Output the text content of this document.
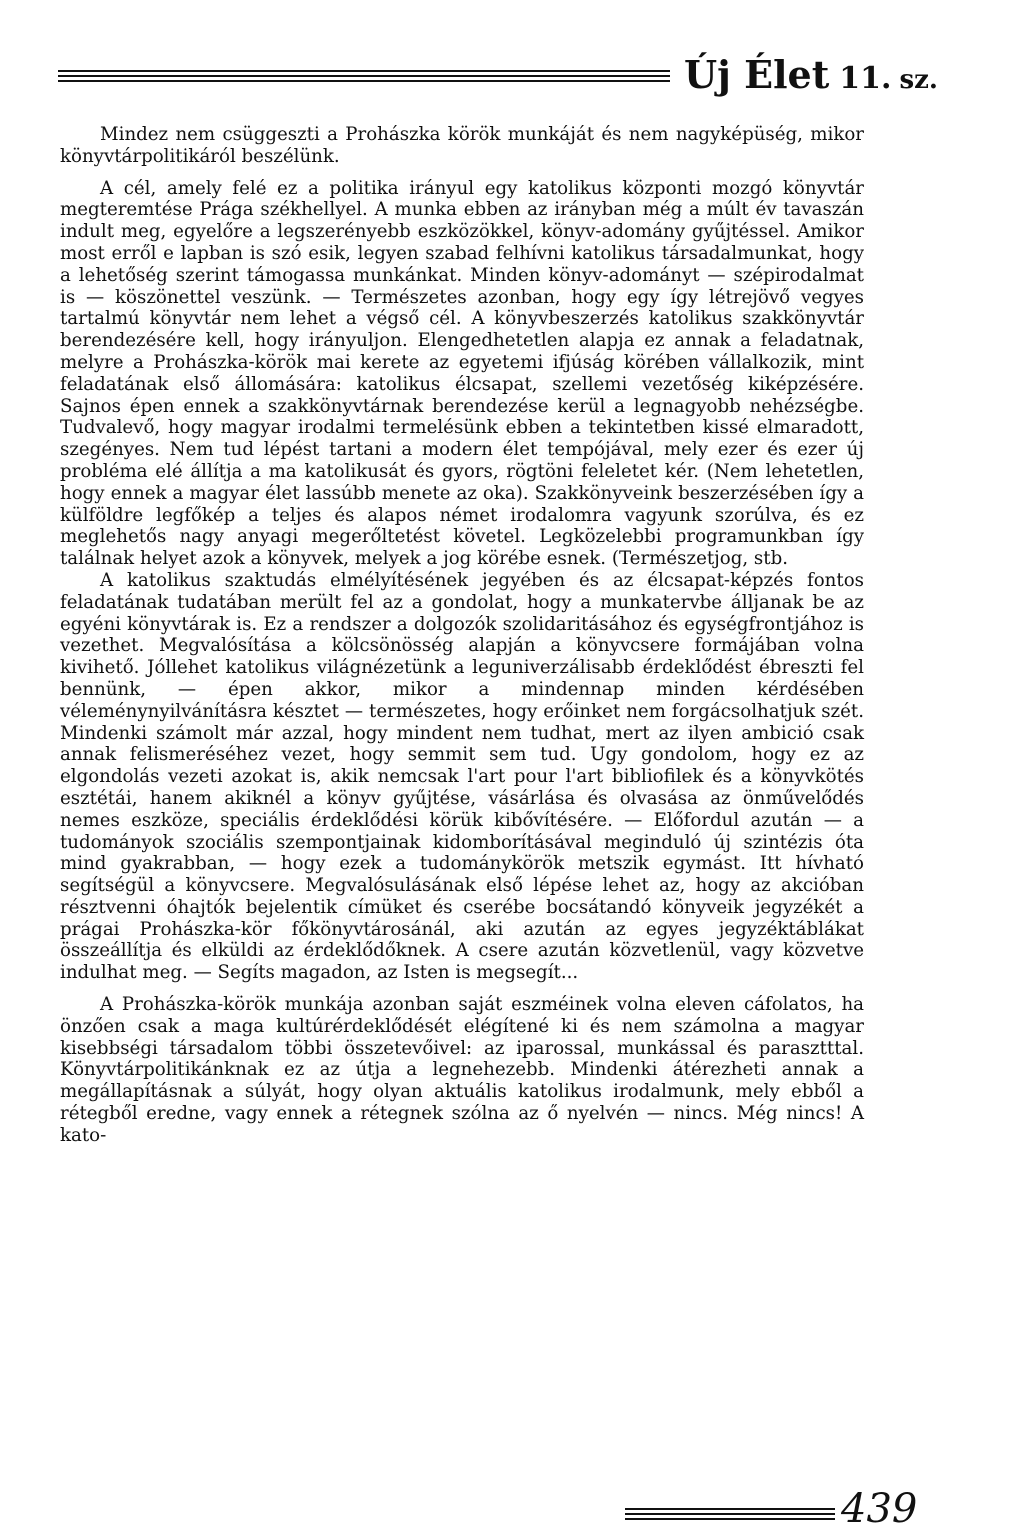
Új Élet 11. sz.

Mindez nem csüggeszti a Prohászka körök munkáját és nem nagyképüség, mikor könyvtárpolitikáról beszélünk.

A cél, amely felé ez a politika irányul egy katolikus központi mozgó könyvtár megteremtése Prága székhellyel. A munka ebben az irányban még a múlt év tavaszán indult meg, egyelőre a legszerényebb eszközökkel, könyv-adomány gyűjtéssel. Amikor most erről e lapban is szó esik, legyen szabad felhívni katolikus társadalmunkat, hogy a lehetőség szerint támogassa munkánkat. Minden könyv-adományt — szépirodalmat is — köszönettel veszünk. — Természetes azonban, hogy egy így létrejövő vegyes tartalmú könyvtár nem lehet a végső cél. A könyvbeszerzés katolikus szakkönyvtár berendezésére kell, hogy irányuljon. Elengedhetetlen alapja ez annak a feladatnak, melyre a Prohászka-körök mai kerete az egyetemi ifjúság körében vállalkozik, mint feladatának első állomására: katolikus élcsapat, szellemi vezetőség kiképzésére. Sajnos épen ennek a szakkönyvtárnak berendezése kerül a legnagyobb nehézségbe. Tudvalevő, hogy magyar irodalmi termelésünk ebben a tekintetben kissé elmaradott, szegényes. Nem tud lépést tartani a modern élet tempójával, mely ezer és ezer új probléma elé állítja a ma katolikusát és gyors, rögtöni feleletet kér. (Nem lehetetlen, hogy ennek a magyar élet lassúbb menete az oka). Szakkönyveink beszerzésében így a külföldre legfőkép a teljes és alapos német irodalomra vagyunk szorúlva, és ez meglehetős nagy anyagi megerőltetést követel. Legközelebbi programunkban így találnak helyet azok a könyvek, melyek a jog körébe esnek. (Természetjog, stb.

A katolikus szaktudás elmélyítésének jegyében és az élcsapat-képzés fontos feladatának tudatában merült fel az a gondolat, hogy a munkatervbe álljanak be az egyéni könyvtárak is. Ez a rendszer a dolgozók szolidaritásához és egységfrontjához is vezethet. Megvalósítása a kölcsönösség alapján a könyvcsere formájában volna kivihető. Jóllehet katolikus világnézetünk a leguniverzálisabb érdeklődést ébreszti fel bennünk, — épen akkor, mikor a mindennap minden kérdésében véleménynyilvánításra késztet — természetes, hogy erőinket nem forgácsolhatjuk szét. Mindenki számolt már azzal, hogy mindent nem tudhat, mert az ilyen ambició csak annak felismeréséhez vezet, hogy semmit sem tud. Ugy gondolom, hogy ez az elgondolás vezeti azokat is, akik nemcsak l'art pour l'art bibliofilek és a könyvkötés esztétái, hanem akiknél a könyv gyűjtése, vásárlása és olvasása az önművelődés nemes eszköze, speciális érdeklődési körük kibővítésére. — Előfordul azután — a tudományok szociális szempontjainak kidomborításával meginduló új szintézis óta mind gyakrabban, — hogy ezek a tudománykörök metszik egymást. Itt hívható segítségül a könyvcsere. Megvalósulásának első lépése lehet az, hogy az akcióban résztvenni óhajtók bejelentik címüket és cserébe bocsátandó könyveik jegyzékét a prágai Prohászka-kör főkönyvtárosánál, aki azután az egyes jegyzéktáblákat összeállítja és elküldi az érdeklődőknek. A csere azután közvetlenül, vagy közvetve indulhat meg. — Segíts magadon, az Isten is megsegít...

A Prohászka-körök munkája azonban saját eszméinek volna eleven cáfolatos, ha önzően csak a maga kultúrérdeklődését elégítené ki és nem számolna a magyar kisebbségi társadalom többi összetevőivel: az iparossal, munkással és parasztttal. Könyvtárpolitikánknak ez az útja a legnehezebb. Mindenki átérezheti annak a megállapításnak a súlyát, hogy olyan aktuális katolikus irodalmunk, mely ebből a rétegből eredne, vagy ennek a rétegnek szólna az ő nyelvén — nincs. Még nincs! A kato-

439
